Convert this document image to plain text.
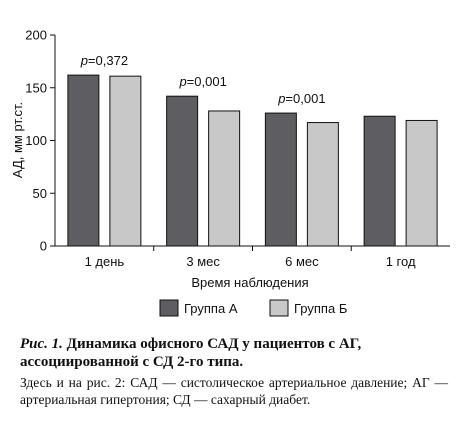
АД, мм рт.ст.
0
50
100
150
200
p=0,372
p=0,001
p=0,001
1 день	3 мес	6 мес	1 год
Время наблюдения
Группа А	Группа Б

Рис. 1. Динамика офисного САД у пациентов с АГ, ассоциированной с СД 2-го типа.

Здесь и на рис. 2: САД — систолическое артериальное давление; АГ — артериальная гипертония; СД — сахарный диабет.
